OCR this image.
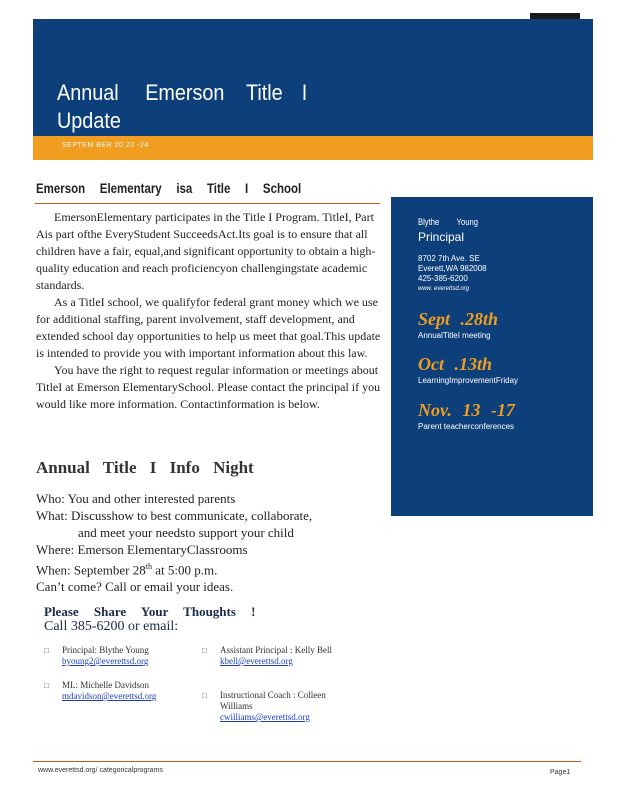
Annual Emerson Title I
Update
SEPTEM BER 20 23 -24
Emerson Elementary isa Title I School

EmersonElementary participates in the Title I Program. TitleI, Part Ais part ofthe EveryStudent SucceedsAct.Its goal is to ensure that all children have a fair, equal,and significant opportunity to obtain a high-quality education and reach proficiencyon challengingstate academic standards.

As a TitleI school, we qualifyfor federal grant money which we use for additional staffing, parent involvement, staff development, and extended school day opportunities to help us meet that goal.This update is intended to provide you with important information about this law.

You have the right to request regular information or meetings about TitleI at Emerson ElementarySchool. Please contact the principal if you would like more information. Contactinformation is below.

Annual Title I Info Night
Who: You and other interested parents
What: Discusshow to best communicate, collaborate,
and meet your needsto support your child
Where: Emerson ElementaryClassrooms
When: September 28th at 5:00 p.m.
Can’t come? Call or email your ideas.
Please Share Your Thoughts !
Call 385-6200 or email:
□ Principal: Blythe Young
byoung2@everettsd.org
□ ML: Michelle Davidson
mdavidson@everettsd.org
□ Assistant Principal : Kelly Bell
kbell@everettsd.org
□ Instructional Coach : Colleen Williams
cwilliams@everettsd.org
Blythe Young
Principal
8702 7th Ave. SE
Everett,WA 982008
425-385-6200
www. everettsd.org
Sept .28th
AnnualTitleI meeting
Oct .13th
LearningImprovementFriday
Nov. 13 -17
Parent teacherconferences
www.everettsd.org/ categoricalprograms	Page1
